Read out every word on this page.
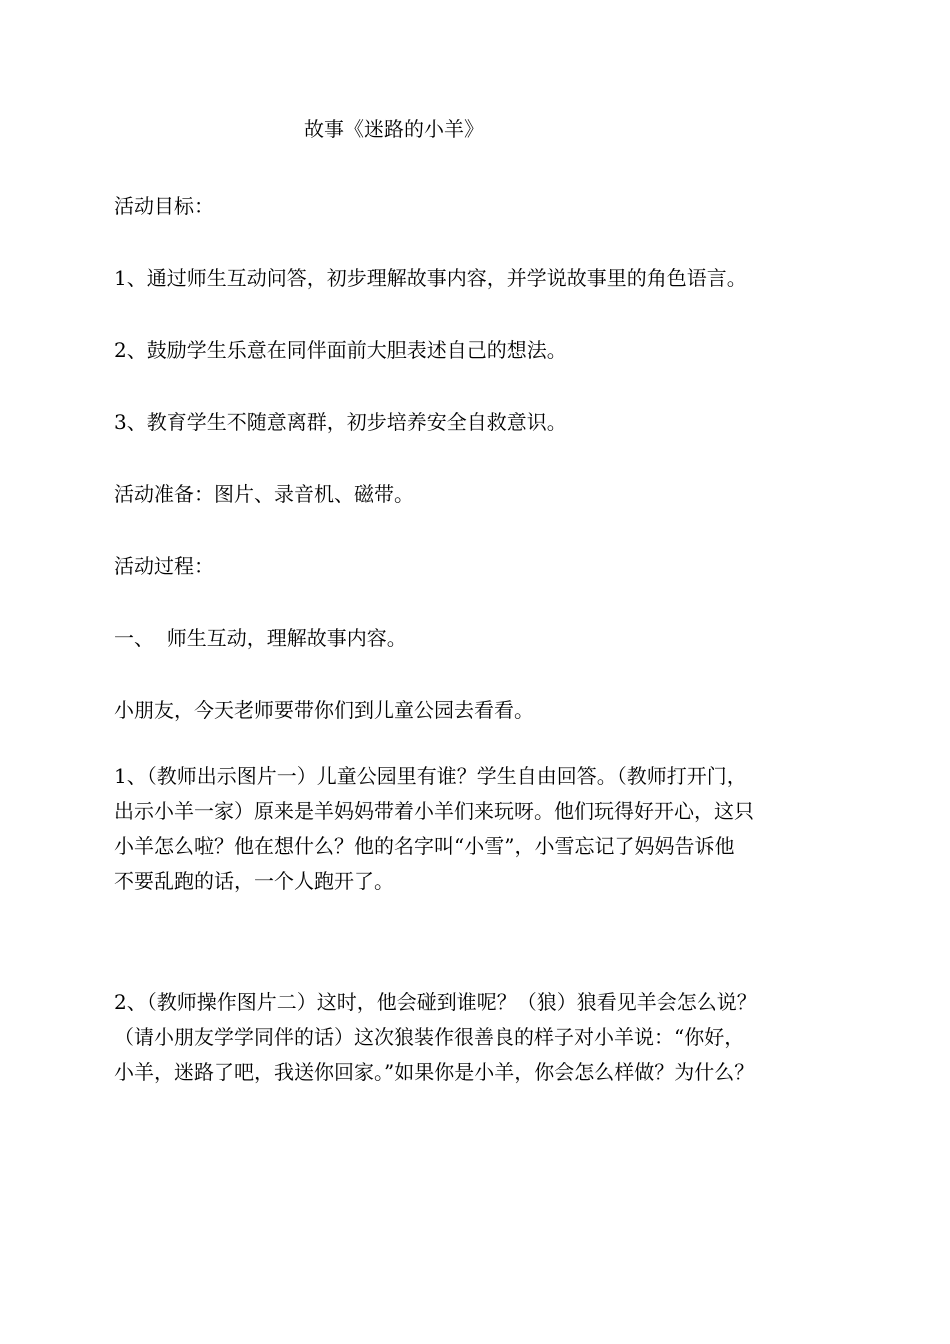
故事《迷路的小羊》

活动目标：

1、通过师生互动问答，初步理解故事内容，并学说故事里的角色语言。

2、鼓励学生乐意在同伴面前大胆表述自己的想法。

3、教育学生不随意离群，初步培养安全自救意识。

活动准备：图片、录音机、磁带。

活动过程：

一、  师生互动，理解故事内容。

小朋友，今天老师要带你们到儿童公园去看看。

1、（教师出示图片一）儿童公园里有谁？学生自由回答。（教师打开门，
出示小羊一家）原来是羊妈妈带着小羊们来玩呀。他们玩得好开心，这只
小羊怎么啦？他在想什么？他的名字叫“小雪”，小雪忘记了妈妈告诉他
不要乱跑的话，一个人跑开了。
2、（教师操作图片二）这时，他会碰到谁呢？（狼）狼看见羊会怎么说？
（请小朋友学学同伴的话）这次狼装作很善良的样子对小羊说：“你好，
小羊，迷路了吧，我送你回家。”如果你是小羊，你会怎么样做？为什么？
